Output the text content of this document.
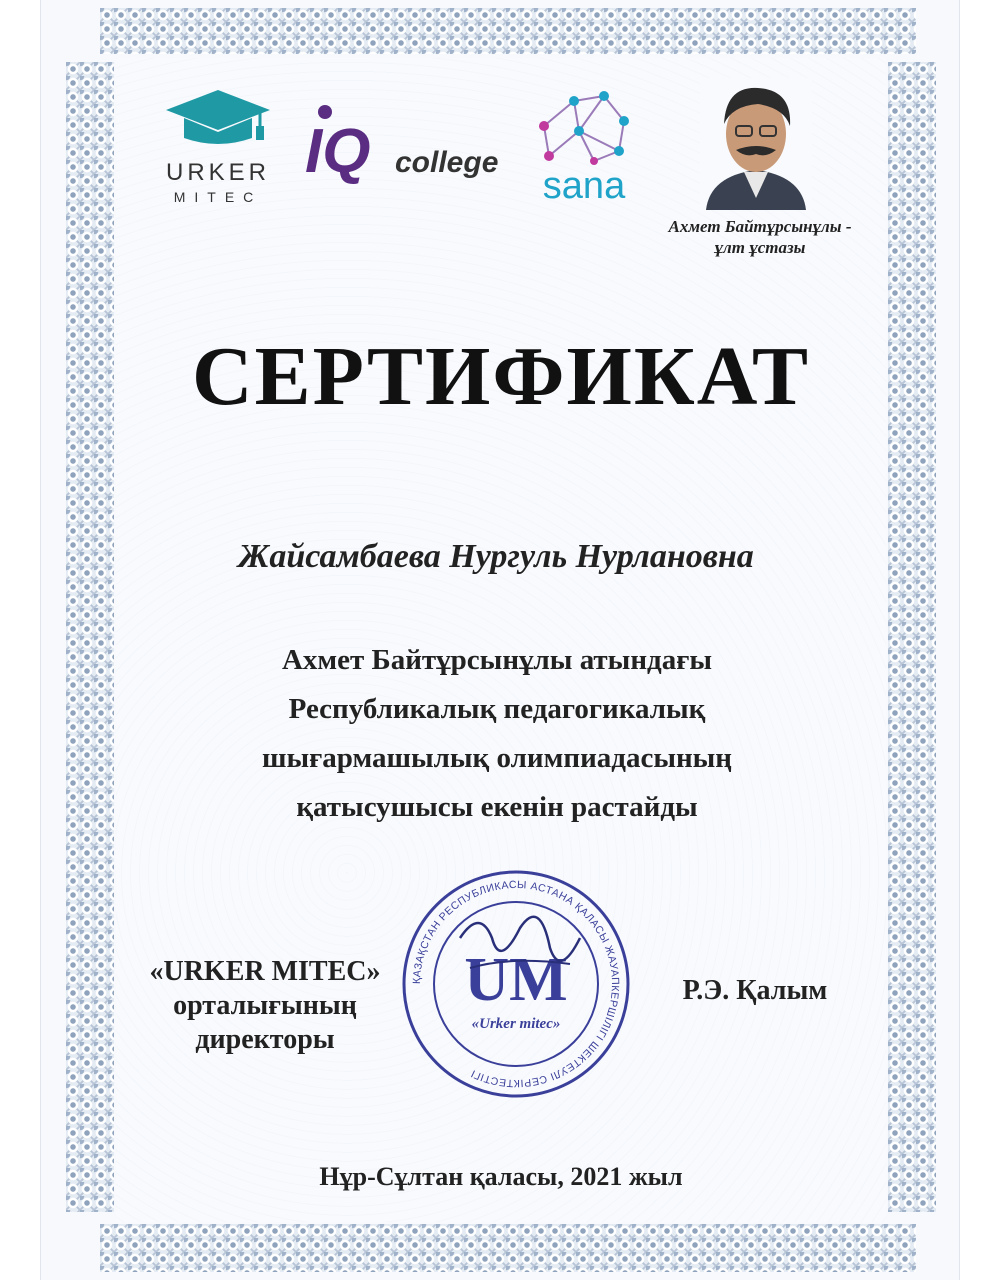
URKER
MITEC
IQ college
sana
Ахмет Байтұрсынұлы -
ұлт ұстазы
СЕРТИФИКАТ
Жайсамбаева Нургуль Нурлановна
Ахмет Байтұрсынұлы атындағы
Республикалық педагогикалық
шығармашылық олимпиадасының
қатысушысы екенін растайды
«URKER MITEC»
орталығының
директоры
ҚАЗАҚСТАН РЕСПУБЛИКАСЫ АСТАНА ҚАЛАСЫ ЖАУАПКЕРШІЛІГІ ШЕКТЕУЛІ СЕРІКТЕСТІГІ
UM
«Urker mitec»
Р.Э. Қалым
Нұр-Сұлтан қаласы, 2021 жыл
